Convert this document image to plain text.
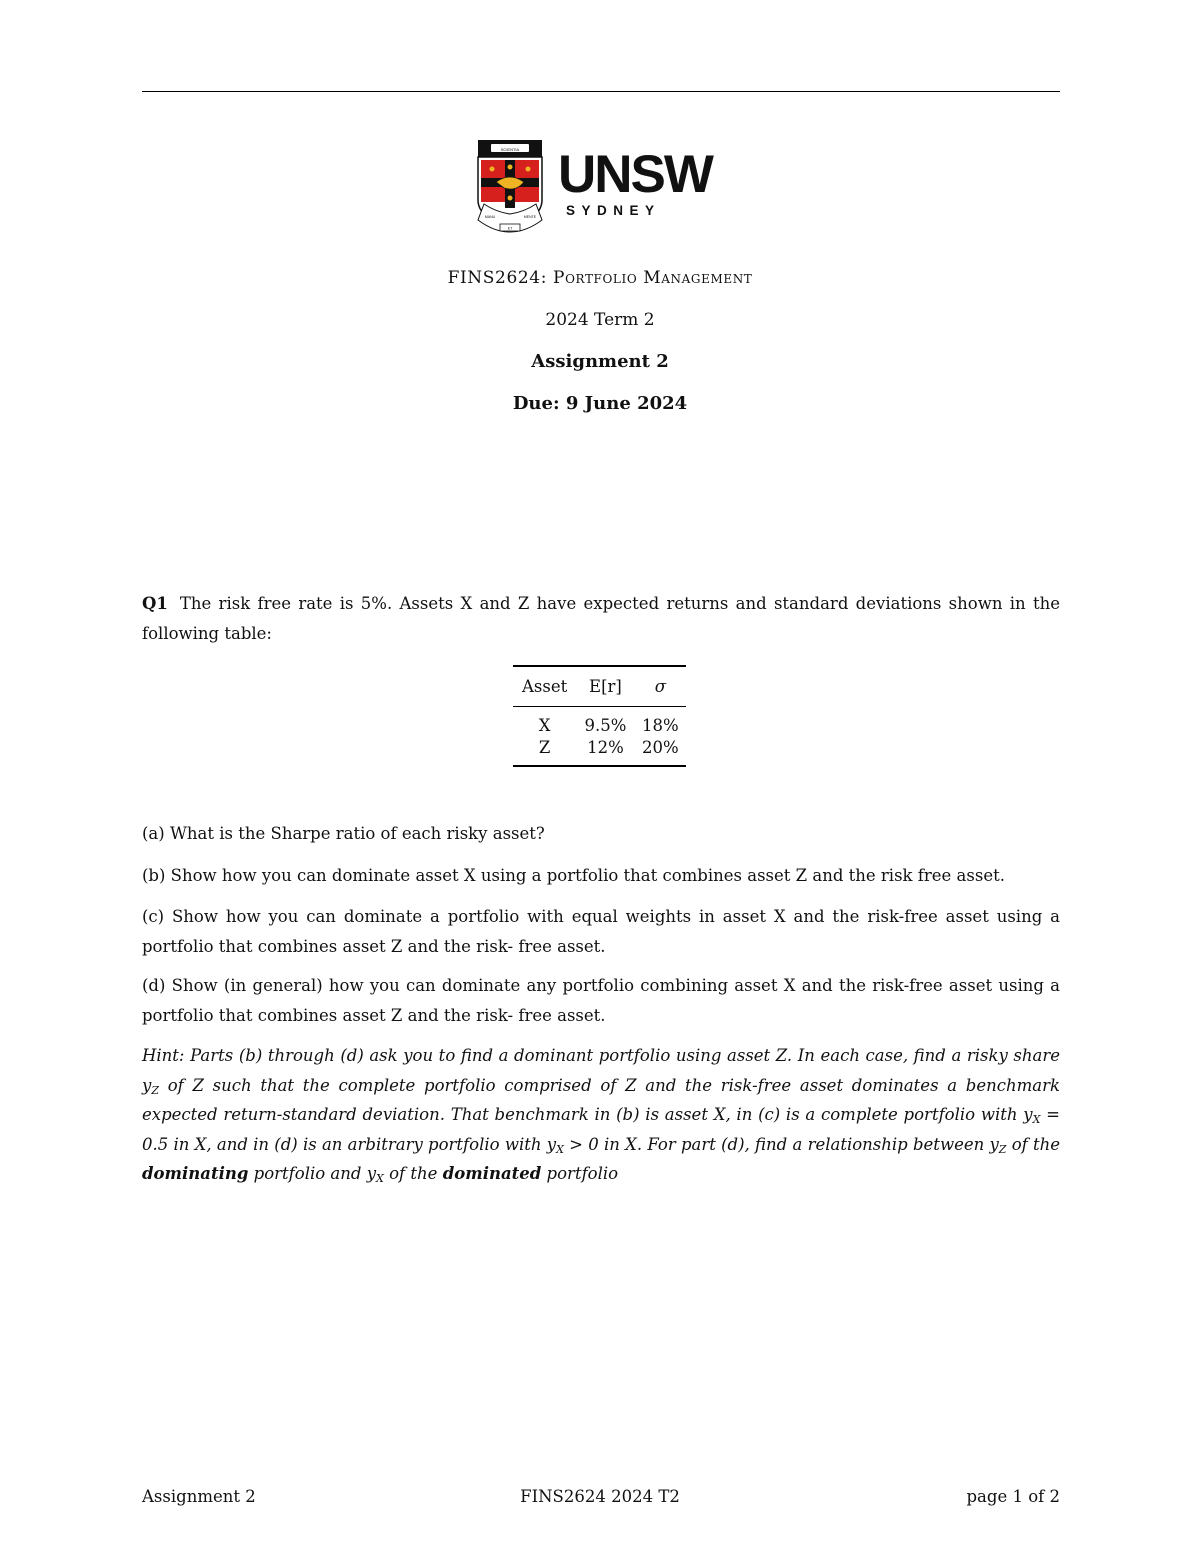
SCIENTIA
MANU
ET
MENTE
UNSW
SYDNEY
FINS2624: Portfolio Management
2024 Term 2
Assignment 2
Due: 9 June 2024
Q1 The risk free rate is 5%. Assets X and Z have expected returns and standard deviations shown in the following table:
Asset	E[r]	σ
X	9.5%	18%
Z	12%	20%
(a) What is the Sharpe ratio of each risky asset?
(b) Show how you can dominate asset X using a portfolio that combines asset Z and the risk free asset.
(c) Show how you can dominate a portfolio with equal weights in asset X and the risk-free asset using a portfolio that combines asset Z and the risk- free asset.
(d) Show (in general) how you can dominate any portfolio combining asset X and the risk-free asset using a portfolio that combines asset Z and the risk- free asset.
Hint: Parts (b) through (d) ask you to find a dominant portfolio using asset Z. In each case, find a risky share $y_Z$ of Z such that the complete portfolio comprised of Z and the risk-free asset dominates a benchmark expected return-standard deviation. That benchmark in (b) is asset X, in (c) is a complete portfolio with $y_X = 0.5$ in X, and in (d) is an arbitrary portfolio with $y_X > 0$ in X. For part (d), find a relationship between $y_Z$ of the dominating portfolio and $y_X$ of the dominated portfolio
Assignment 2	FINS2624 2024 T2	page 1 of 2
